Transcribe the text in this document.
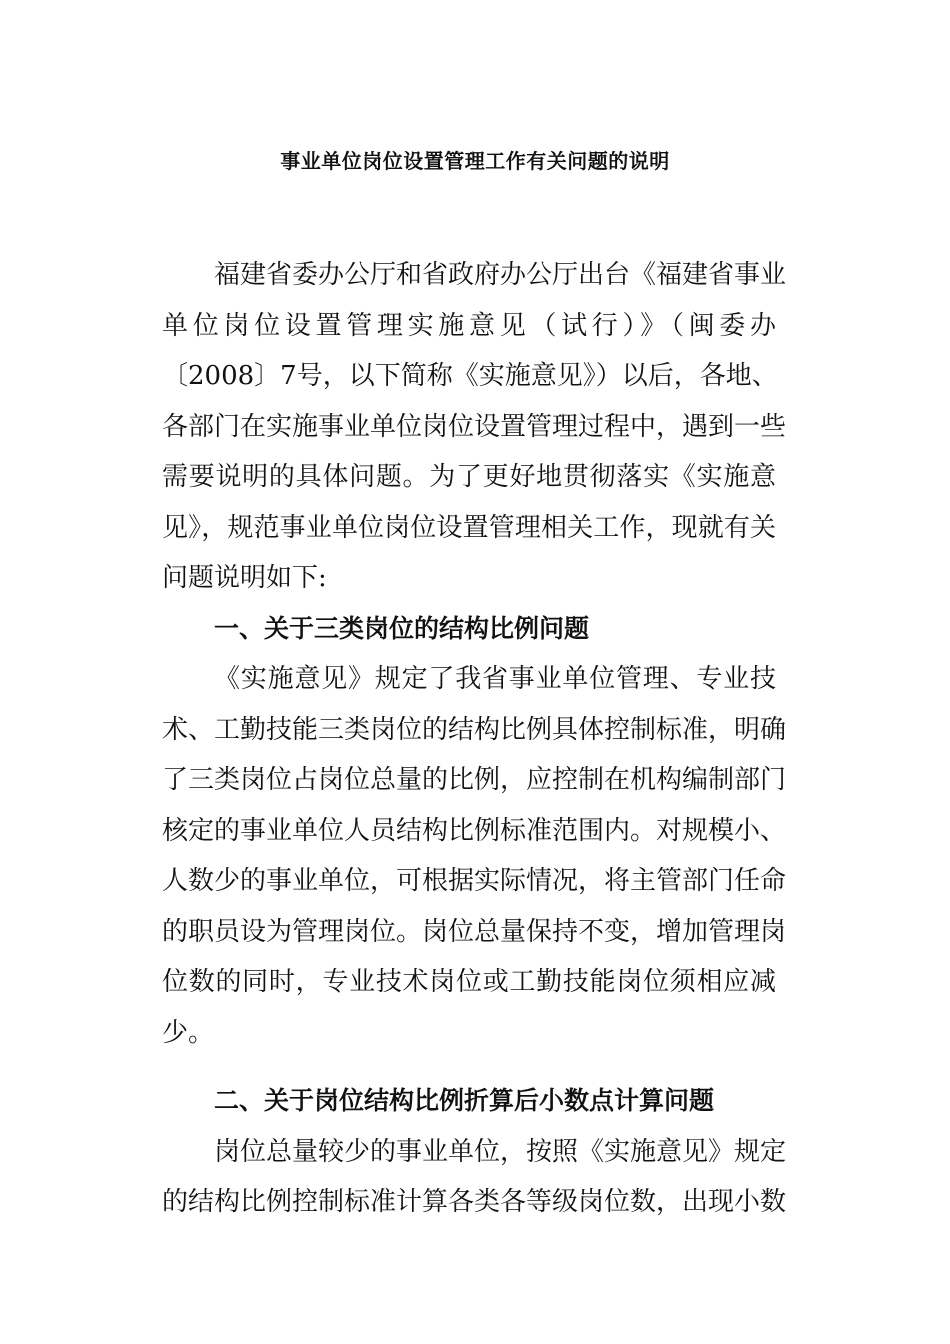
事业单位岗位设置管理工作有关问题的说明

福建省委办公厅和省政府办公厅出台《福建省事业
单位岗位设置管理实施意见（试行）》（闽委办
〔2008〕7号，以下简称《实施意见》）以后，各地、
各部门在实施事业单位岗位设置管理过程中，遇到一些
需要说明的具体问题。为了更好地贯彻落实《实施意
见》，规范事业单位岗位设置管理相关工作，现就有关
问题说明如下:

一、关于三类岗位的结构比例问题
《实施意见》规定了我省事业单位管理、专业技
术、工勤技能三类岗位的结构比例具体控制标准，明确
了三类岗位占岗位总量的比例，应控制在机构编制部门
核定的事业单位人员结构比例标准范围内。对规模小、
人数少的事业单位，可根据实际情况，将主管部门任命
的职员设为管理岗位。岗位总量保持不变，增加管理岗
位数的同时，专业技术岗位或工勤技能岗位须相应减
少。

二、关于岗位结构比例折算后小数点计算问题
岗位总量较少的事业单位，按照《实施意见》规定
的结构比例控制标准计算各类各等级岗位数，出现小数
